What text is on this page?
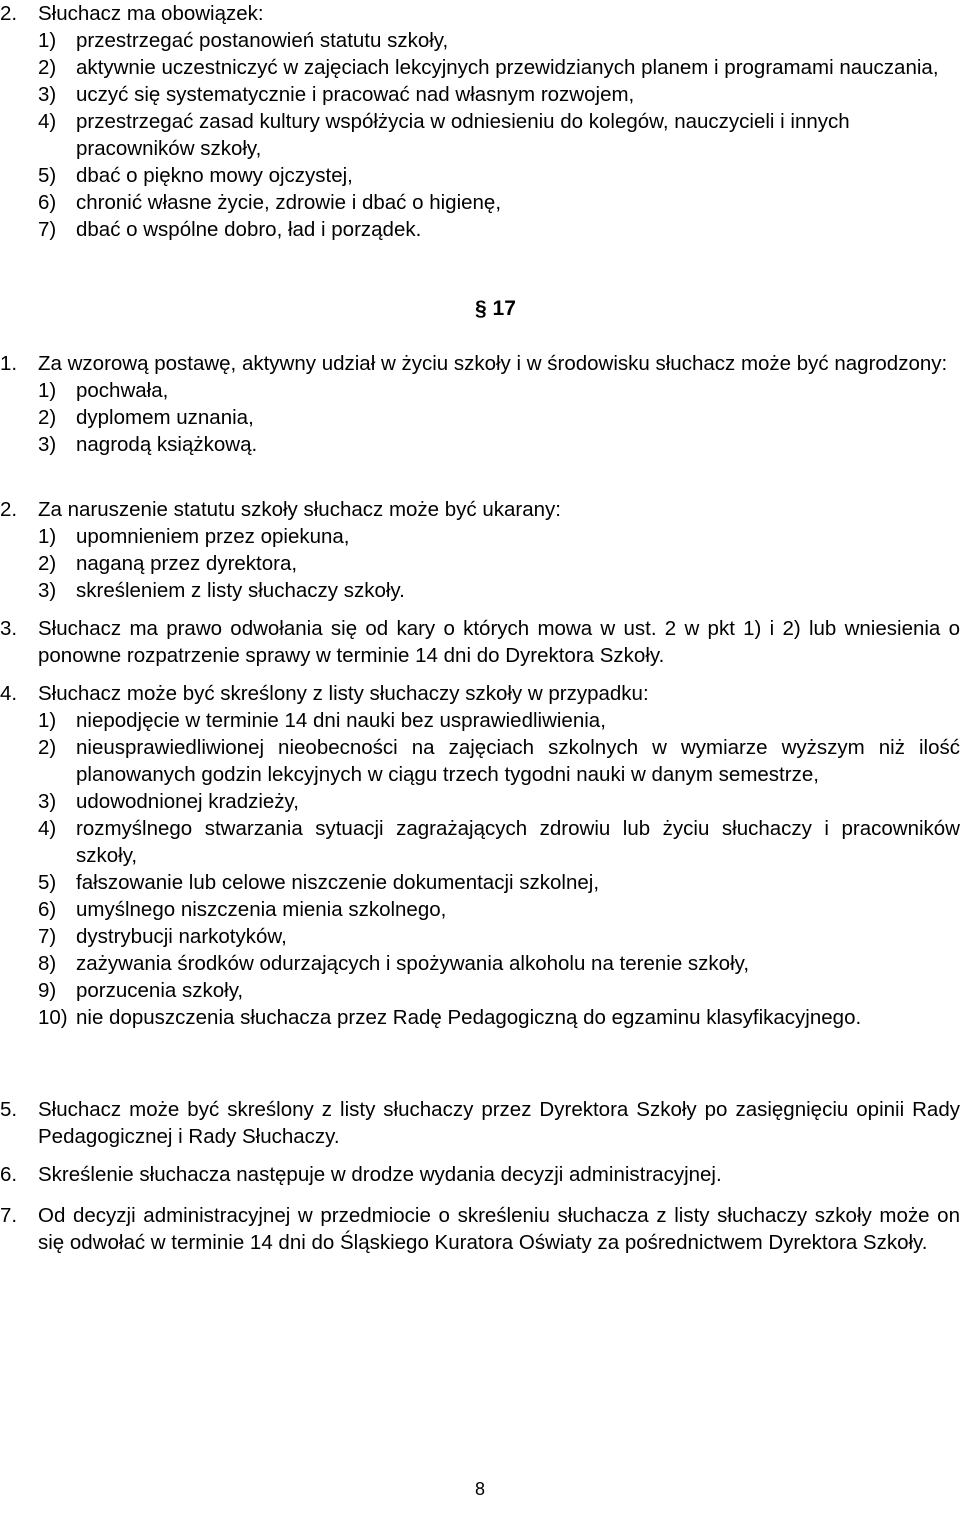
2.	Słuchacz ma obowiązek:
1) przestrzegać postanowień statutu szkoły,
2) aktywnie uczestniczyć w zajęciach lekcyjnych przewidzianych planem i programami nauczania,
3) uczyć się systematycznie i pracować nad własnym rozwojem,
4) przestrzegać zasad kultury współżycia w odniesieniu do kolegów, nauczycieli i innych pracowników szkoły,
5) dbać o piękno mowy ojczystej,
6) chronić własne życie, zdrowie i dbać o higienę,
7) dbać o wspólne dobro, ład i porządek.
§ 17
1.	Za wzorową postawę, aktywny udział w życiu szkoły i w środowisku słuchacz może być nagrodzony:
1) pochwała,
2) dyplomem uznania,
3) nagrodą książkową.
2.	Za naruszenie statutu szkoły słuchacz może być ukarany:
1) upomnieniem przez opiekuna,
2) naganą przez dyrektora,
3) skreśleniem z listy słuchaczy szkoły.
3.	Słuchacz ma prawo odwołania się od kary o których mowa w ust. 2 w pkt 1) i 2) lub wniesienia o ponowne rozpatrzenie sprawy w terminie 14 dni do Dyrektora Szkoły.
4.	Słuchacz może być skreślony z listy słuchaczy szkoły w przypadku:
1) niepodjęcie w terminie 14 dni nauki bez usprawiedliwienia,
2) nieusprawiedliwionej nieobecności na zajęciach szkolnych w wymiarze wyższym niż ilość planowanych godzin lekcyjnych w ciągu trzech tygodni nauki w danym semestrze,
3) udowodnionej kradzieży,
4) rozmyślnego stwarzania sytuacji zagrażających zdrowiu lub życiu słuchaczy i pracowników szkoły,
5) fałszowanie lub celowe niszczenie dokumentacji szkolnej,
6) umyślnego niszczenia mienia szkolnego,
7) dystrybucji narkotyków,
8) zażywania środków odurzających i spożywania alkoholu na terenie szkoły,
9) porzucenia szkoły,
10) nie dopuszczenia słuchacza przez Radę Pedagogiczną do egzaminu klasyfikacyjnego.
5.	Słuchacz może być skreślony z listy słuchaczy przez Dyrektora Szkoły po zasięgnięciu opinii Rady Pedagogicznej i Rady Słuchaczy.
6.	Skreślenie słuchacza następuje w drodze wydania decyzji administracyjnej.
7.	Od decyzji administracyjnej w przedmiocie o skreśleniu słuchacza z listy słuchaczy szkoły może on się odwołać w terminie 14 dni do Śląskiego Kuratora Oświaty za pośrednictwem Dyrektora Szkoły.
8
